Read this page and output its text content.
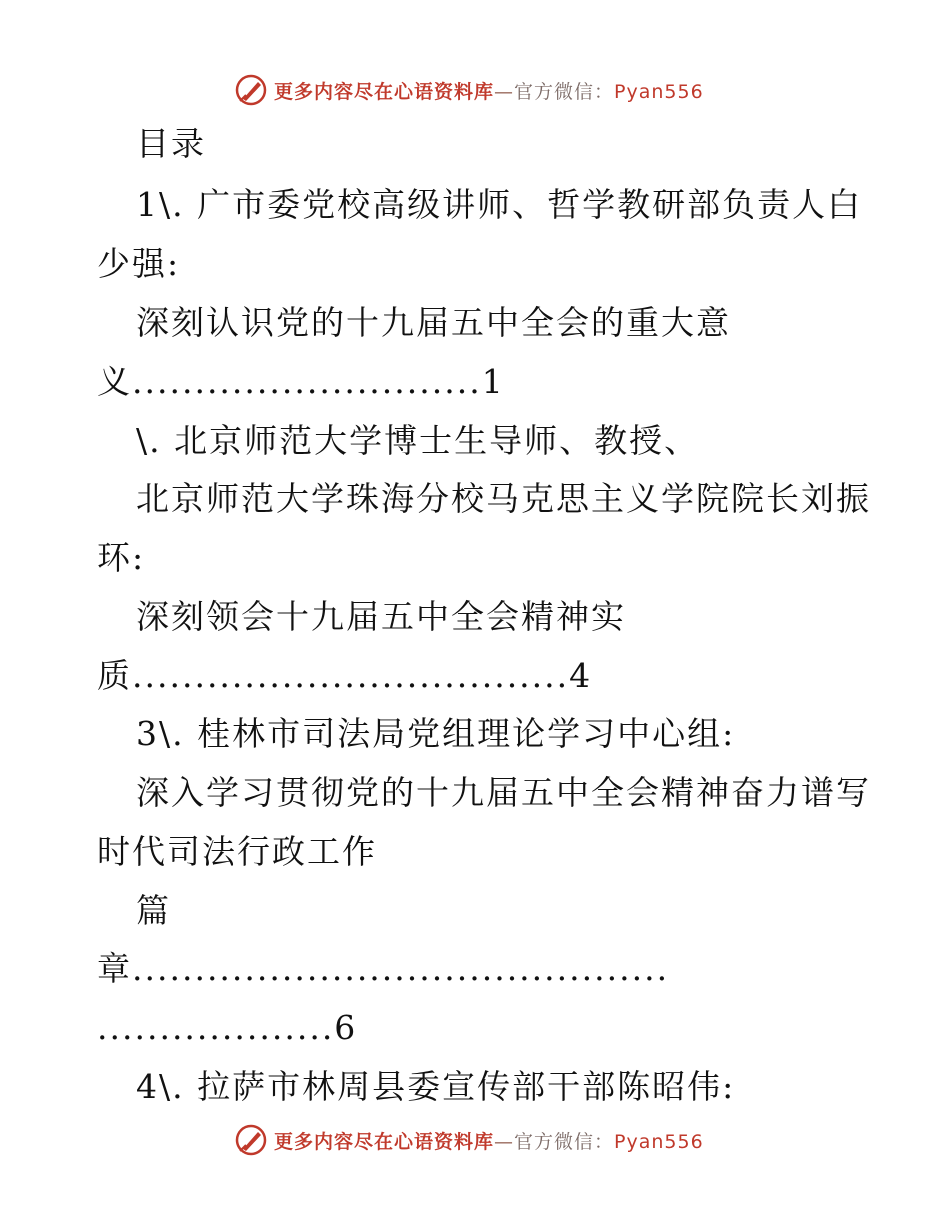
更多内容尽在心语资料库—官方微信：Pyan556
目录
1\. 广市委党校高级讲师、哲学教研部负责人白
少强:
深刻认识党的十九届五中全会的重大意
义............................1
\. 北京师范大学博士生导师、教授、
北京师范大学珠海分校马克思主义学院院长刘振
环:
深刻领会十九届五中全会精神实
质...................................4
3\. 桂林市司法局党组理论学习中心组:
深入学习贯彻党的十九届五中全会精神奋力谱写
时代司法行政工作
篇
章...........................................
...................6
4\. 拉萨市林周县委宣传部干部陈昭伟:
更多内容尽在心语资料库—官方微信：Pyan556
